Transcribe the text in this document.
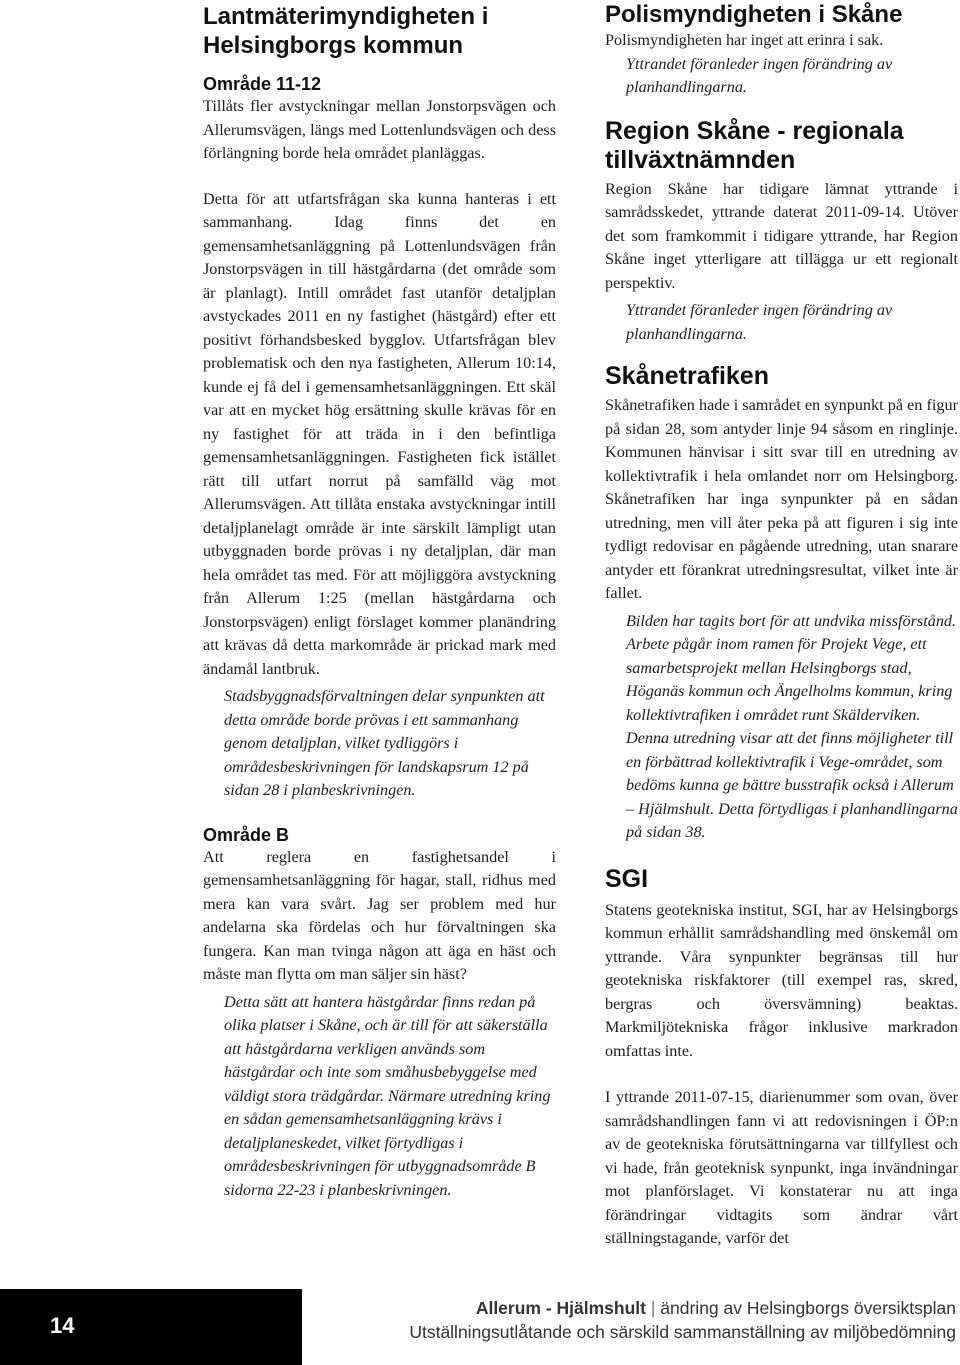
Lantmäterimyndigheten i Helsingborgs kommun
Område 11-12

Tillåts fler avstyckningar mellan Jonstorpsvägen och Allerumsvägen, längs med Lottenlundsvägen och dess förlängning borde hela området planläggas.

Detta för att utfartsfrågan ska kunna hanteras i ett sammanhang. Idag finns det en gemensamhetsanläggning på Lottenlundsvägen från Jonstorpsvägen in till hästgårdarna (det område som är planlagt). Intill området fast utanför detaljplan avstyckades 2011 en ny fastighet (hästgård) efter ett positivt förhandsbesked bygglov. Utfartsfrågan blev problematisk och den nya fastigheten, Allerum 10:14, kunde ej få del i gemensamhetsanläggningen. Ett skäl var att en mycket hög ersättning skulle krävas för en ny fastighet för att träda in i den befintliga gemensamhetsanläggningen. Fastigheten fick istället rätt till utfart norrut på samfälld väg mot Allerumsvägen. Att tillåta enstaka avstyckningar intill detaljplanelagt område är inte särskilt lämpligt utan utbyggnaden borde prövas i ny detaljplan, där man hela området tas med. För att möjliggöra avstyckning från Allerum 1:25 (mellan hästgårdarna och Jonstorpsvägen) enligt förslaget kommer planändring att krävas då detta markområde är prickad mark med ändamål lantbruk.

Stadsbyggnadsförvaltningen delar synpunkten att detta område borde prövas i ett sammanhang genom detaljplan, vilket tydliggörs i områdesbeskrivningen för landskapsrum 12 på sidan 28 i planbeskrivningen.

Område B

Att reglera en fastighetsandel i gemensamhetsanläggning för hagar, stall, ridhus med mera kan vara svårt. Jag ser problem med hur andelarna ska fördelas och hur förvaltningen ska fungera. Kan man tvinga någon att äga en häst och måste man flytta om man säljer sin häst?

Detta sätt att hantera hästgårdar finns redan på olika platser i Skåne, och är till för att säkerställa att hästgårdarna verkligen används som hästgårdar och inte som småhusbebyggelse med väldigt stora trädgårdar. Närmare utredning kring en sådan gemensamhetsanläggning krävs i detaljplaneskedet, vilket förtydligas i områdesbeskrivningen för utbyggnadsområde B sidorna 22-23 i planbeskrivningen.

Polismyndigheten i Skåne

Polismyndigheten har inget att erinra i sak.

Yttrandet föranleder ingen förändring av planhandlingarna.

Region Skåne - regionala tillväxtnämnden

Region Skåne har tidigare lämnat yttrande i samrådsskedet, yttrande daterat 2011-09-14. Utöver det som framkommit i tidigare yttrande, har Region Skåne inget ytterligare att tillägga ur ett regionalt perspektiv.

Yttrandet föranleder ingen förändring av planhandlingarna.

Skånetrafiken

Skånetrafiken hade i samrådet en synpunkt på en figur på sidan 28, som antyder linje 94 såsom en ringlinje. Kommunen hänvisar i sitt svar till en utredning av kollektivtrafik i hela omlandet norr om Helsingborg. Skånetrafiken har inga synpunkter på en sådan utredning, men vill åter peka på att figuren i sig inte tydligt redovisar en pågående utredning, utan snarare antyder ett förankrat utredningsresultat, vilket inte är fallet.

Bilden har tagits bort för att undvika missförstånd. Arbete pågår inom ramen för Projekt Vege, ett samarbetsprojekt mellan Helsingborgs stad, Höganäs kommun och Ängelholms kommun, kring kollektivtrafiken i området runt Skälderviken. Denna utredning visar att det finns möjligheter till en förbättrad kollektivtrafik i Vege-området, som bedöms kunna ge bättre busstrafik också i Allerum – Hjälmshult. Detta förtydligas i planhandlingarna på sidan 38.

SGI

Statens geotekniska institut, SGI, har av Helsingborgs kommun erhållit samrådshandling med önskemål om yttrande. Våra synpunkter begränsas till hur geotekniska riskfaktorer (till exempel ras, skred, bergras och översvämning) beaktas. Markmiljötekniska frågor inklusive markradon omfattas inte.

I yttrande 2011-07-15, diarienummer som ovan, över samrådshandlingen fann vi att redovisningen i ÖP:n av de geotekniska förutsättningarna var tillfyllest och vi hade, från geoteknisk synpunkt, inga invändningar mot planförslaget. Vi konstaterar nu att inga förändringar vidtagits som ändrar vårt ställningstagande, varför det

14
Allerum - Hjälmshult | ändring av Helsingborgs översiktsplan
Utställningsutlåtande och särskild sammanställning av miljöbedömning
